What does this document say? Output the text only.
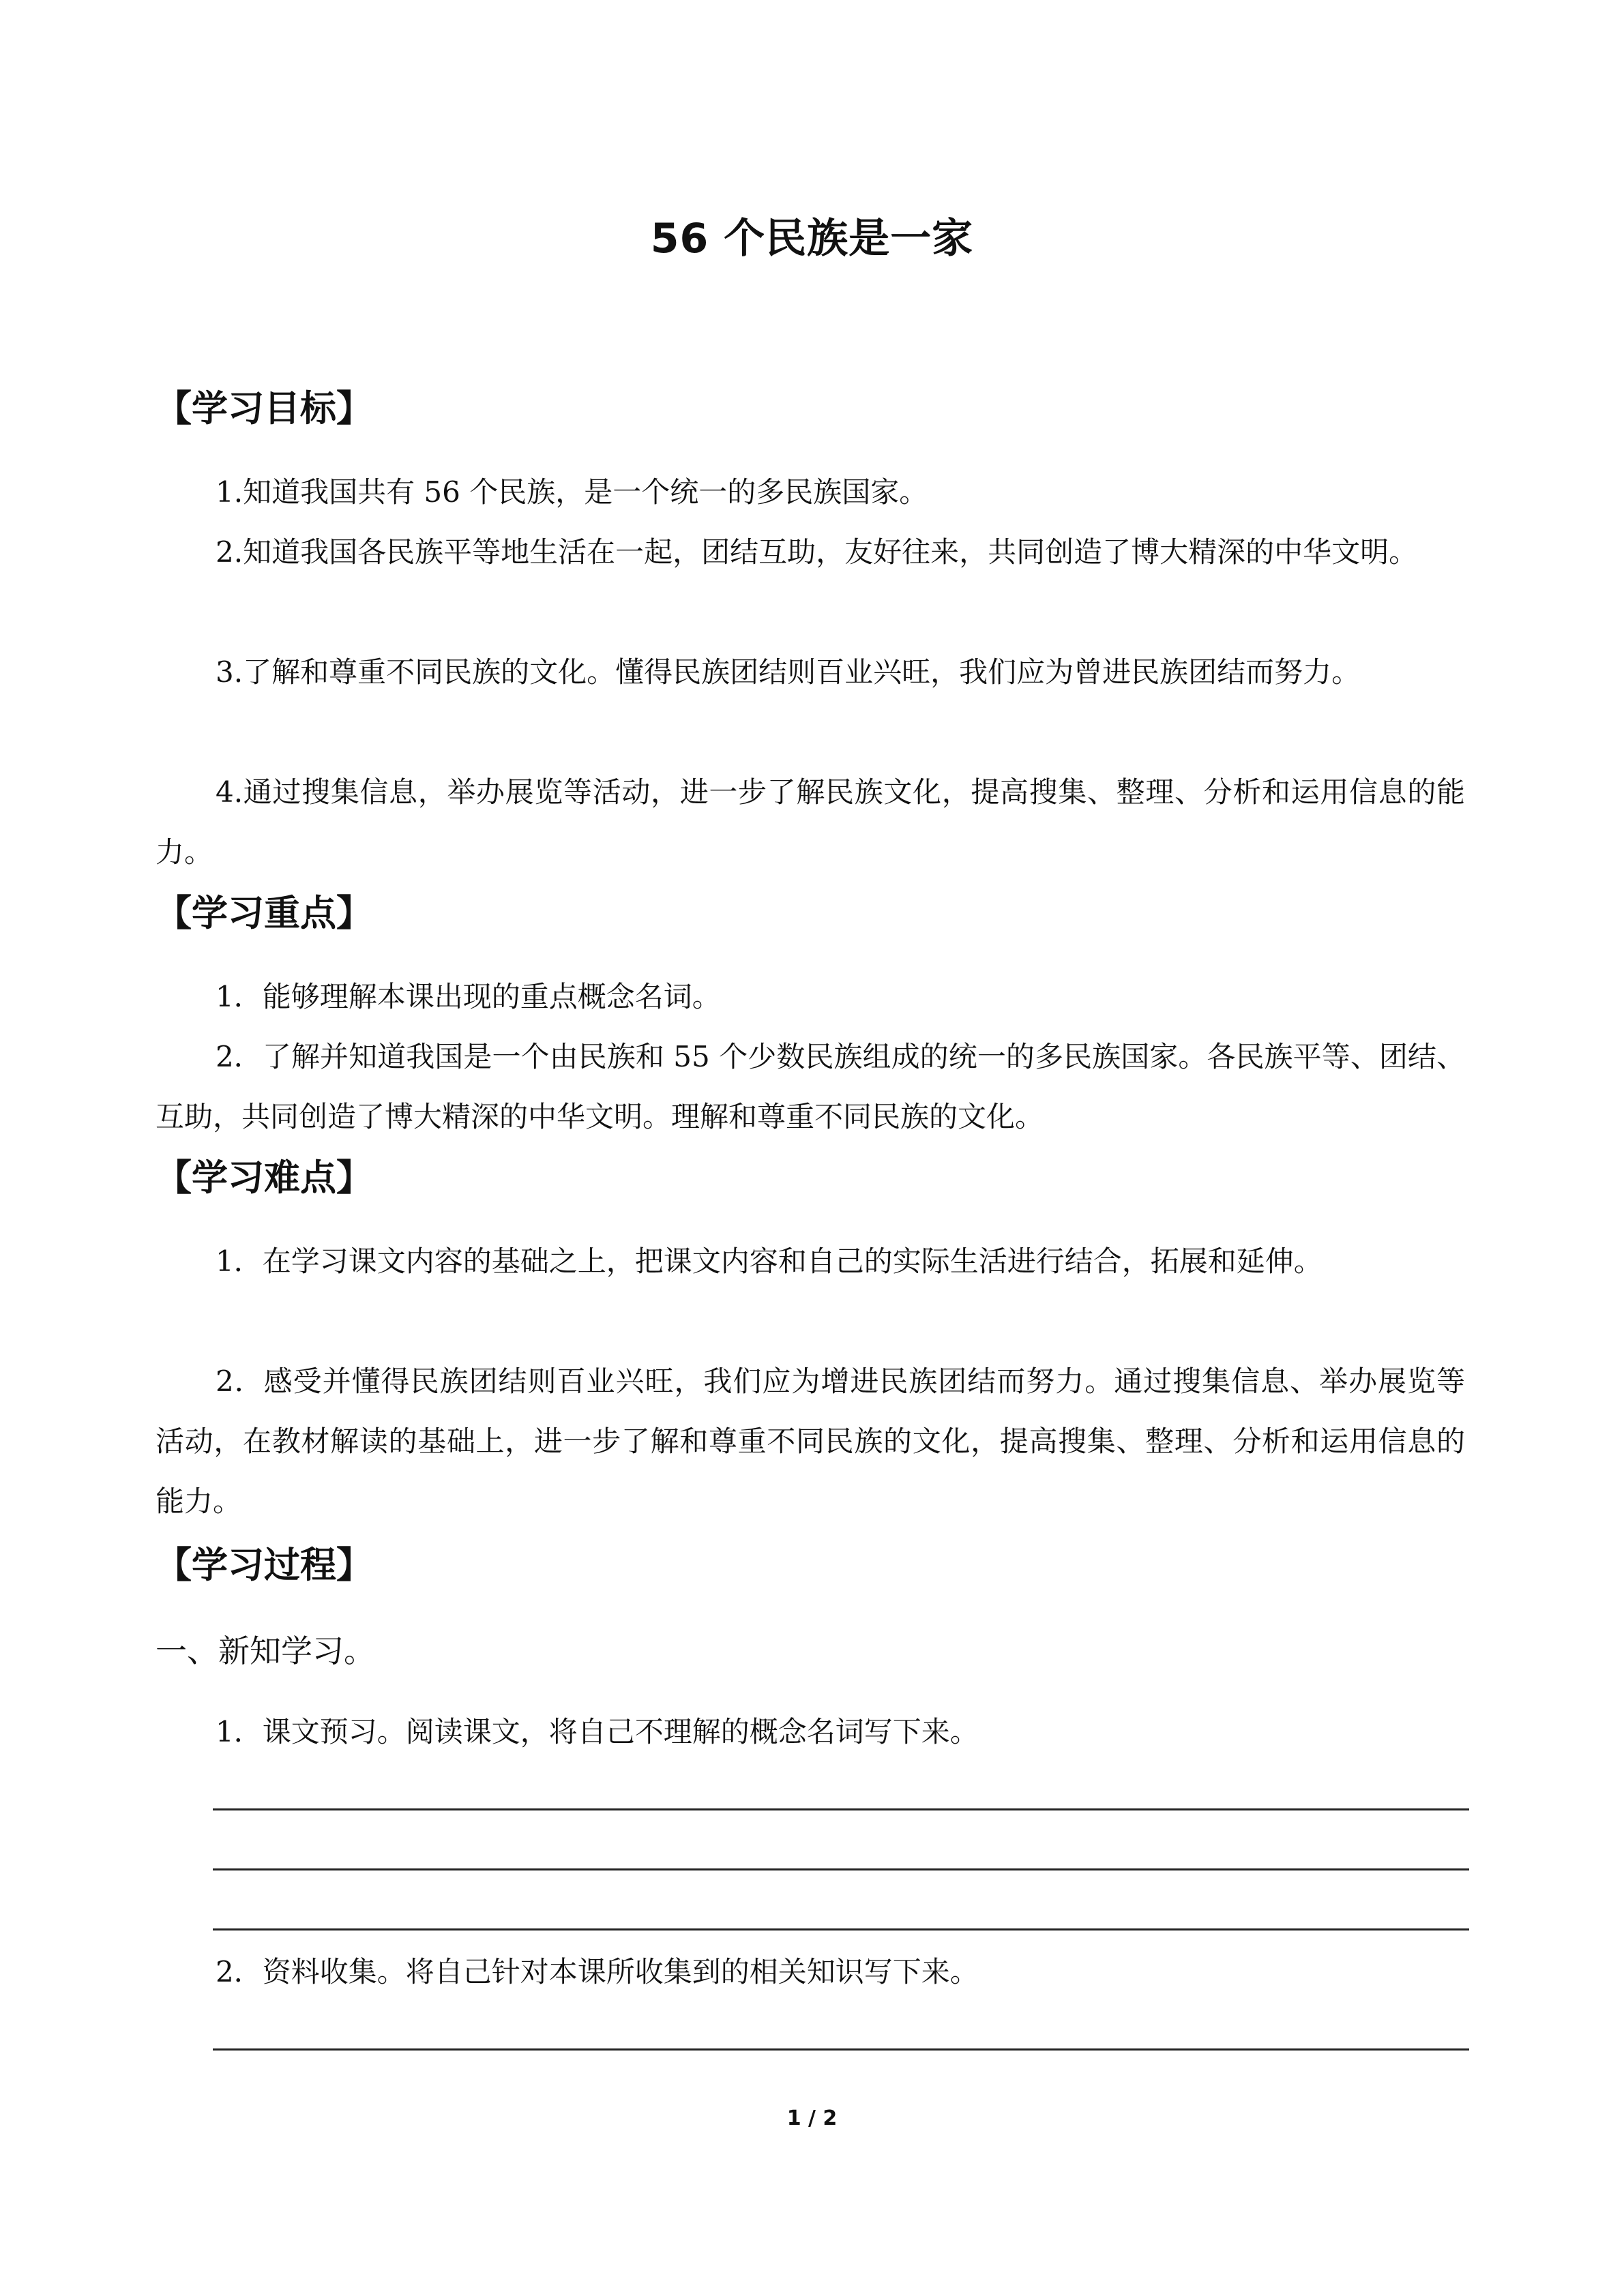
56 个民族是一家
【学习目标】

1.知道我国共有 56 个民族，是一个统一的多民族国家。

2.知道我国各民族平等地生活在一起，团结互助，友好往来，共同创造了博大精深的中华文明。

3.了解和尊重不同民族的文化。懂得民族团结则百业兴旺，我们应为曾进民族团结而努力。

4.通过搜集信息，举办展览等活动，进一步了解民族文化，提高搜集、整理、分析和运用信息的能力。

【学习重点】

1．能够理解本课出现的重点概念名词。

2．了解并知道我国是一个由民族和 55 个少数民族组成的统一的多民族国家。各民族平等、团结、互助，共同创造了博大精深的中华文明。理解和尊重不同民族的文化。

【学习难点】

1．在学习课文内容的基础之上，把课文内容和自己的实际生活进行结合，拓展和延伸。

2．感受并懂得民族团结则百业兴旺，我们应为增进民族团结而努力。通过搜集信息、举办展览等活动，在教材解读的基础上，进一步了解和尊重不同民族的文化，提高搜集、整理、分析和运用信息的能力。

【学习过程】

一、新知学习。

1．课文预习。阅读课文，将自己不理解的概念名词写下来。

2．资料收集。将自己针对本课所收集到的相关知识写下来。

1 / 2
